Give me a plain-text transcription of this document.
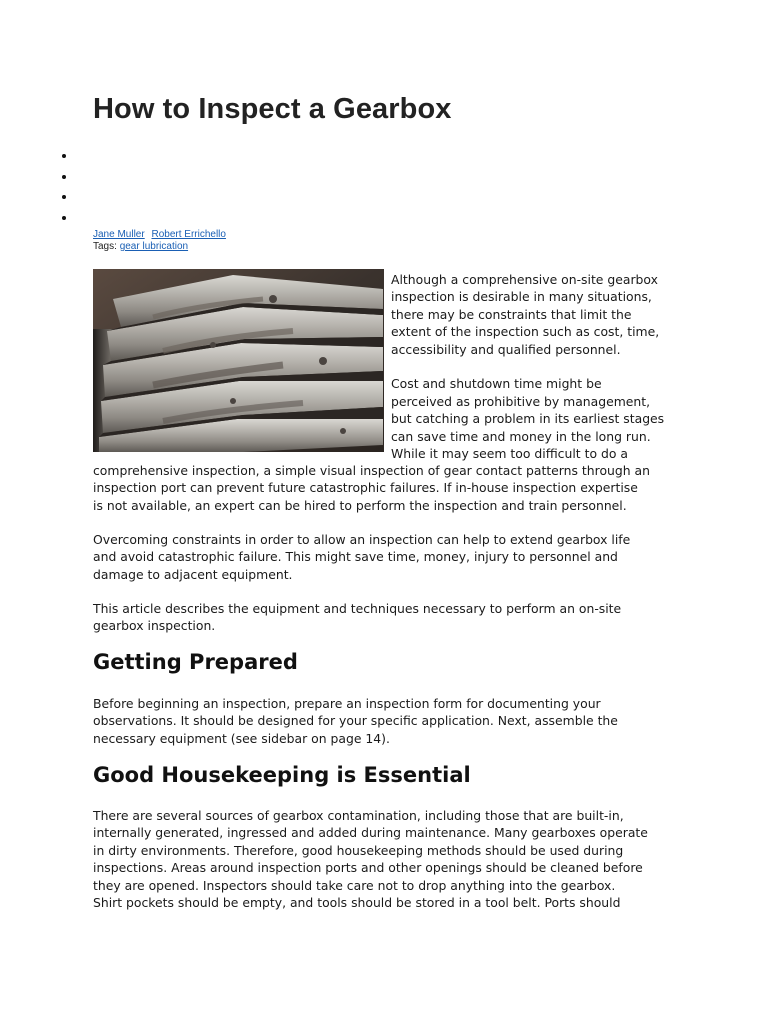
How to Inspect a Gearbox
Jane Muller Robert Errichello
Tags: gear lubrication
Although a comprehensive on-site gearbox
inspection is desirable in many situations,
there may be constraints that limit the
extent of the inspection such as cost, time,
accessibility and qualified personnel.
Cost and shutdown time might be
perceived as prohibitive by management,
but catching a problem in its earliest stages
can save time and money in the long run.
While it may seem too difficult to do a
comprehensive inspection, a simple visual inspection of gear contact patterns through an
inspection port can prevent future catastrophic failures. If in-house inspection expertise
is not available, an expert can be hired to perform the inspection and train personnel.
Overcoming constraints in order to allow an inspection can help to extend gearbox life
and avoid catastrophic failure. This might save time, money, injury to personnel and
damage to adjacent equipment.
This article describes the equipment and techniques necessary to perform an on-site
gearbox inspection.
Getting Prepared
Before beginning an inspection, prepare an inspection form for documenting your
observations. It should be designed for your specific application. Next, assemble the
necessary equipment (see sidebar on page 14).
Good Housekeeping is Essential
There are several sources of gearbox contamination, including those that are built-in,
internally generated, ingressed and added during maintenance. Many gearboxes operate
in dirty environments. Therefore, good housekeeping methods should be used during
inspections. Areas around inspection ports and other openings should be cleaned before
they are opened. Inspectors should take care not to drop anything into the gearbox.
Shirt pockets should be empty, and tools should be stored in a tool belt. Ports should
